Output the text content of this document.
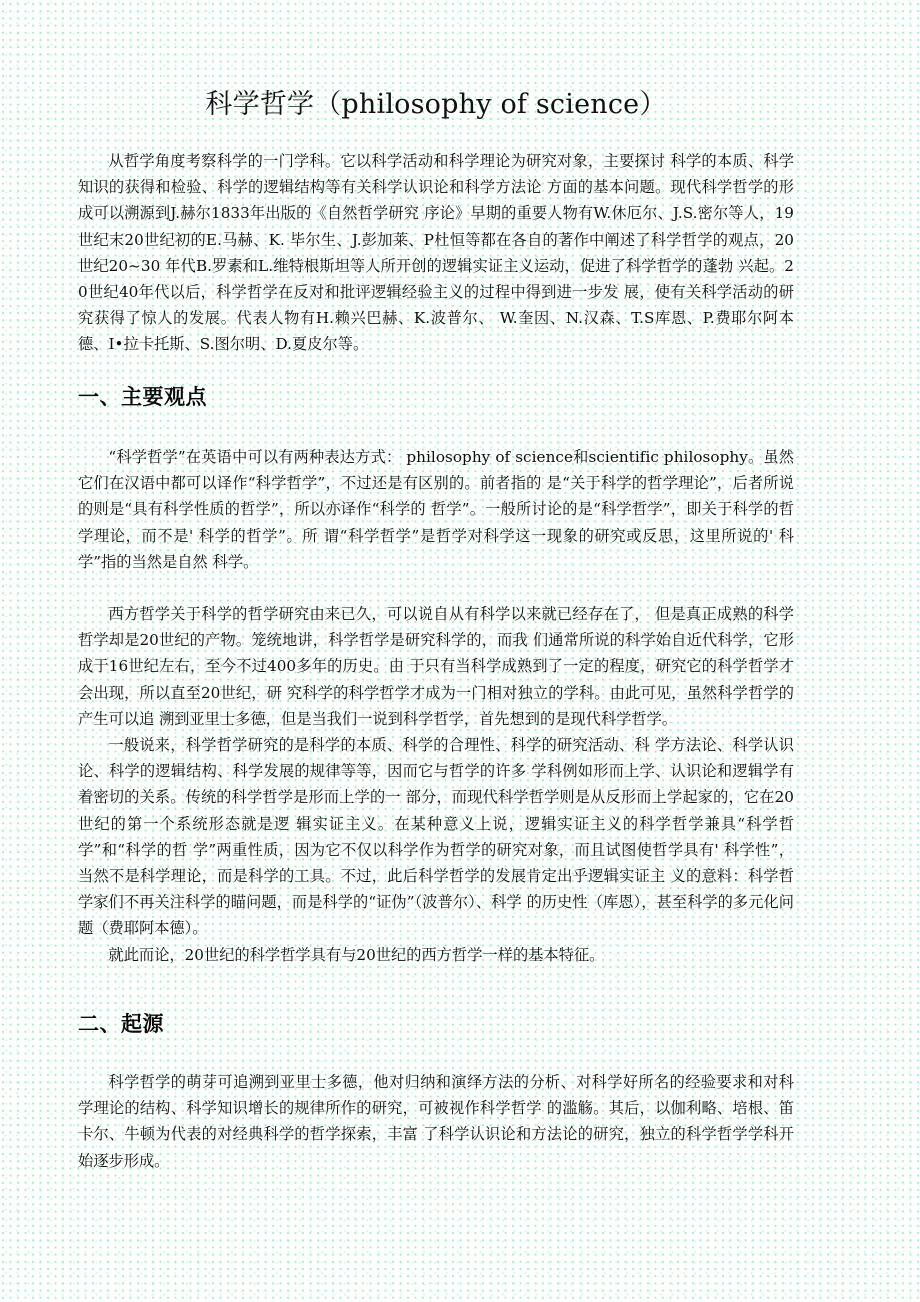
科学哲学（philosophy of science）

从哲学角度考察科学的一门学科。它以科学活动和科学理论为研究对象，主要探讨 科学的本质、科学知识的获得和检验、科学的逻辑结构等有关科学认识论和科学方法论 方面的基本问题。现代科学哲学的形成可以溯源到J.赫尔1833年出版的《自然哲学研究 序论》早期的重要人物有W.休厄尔、J.S.密尔等人，19世纪末20世纪初的E.马赫、K. 毕尔生、J.彭加莱、P杜恒等都在各自的著作中阐述了科学哲学的观点，20世纪20~30 年代B.罗素和L.维特根斯坦等人所开创的逻辑实证主义运动，促进了科学哲学的蓬勃 兴起。20世纪40年代以后，科学哲学在反对和批评逻辑经验主义的过程中得到进一步发 展，使有关科学活动的研究获得了惊人的发展。代表人物有H.赖兴巴赫、K.波普尔、 W.奎因、N.汉森、T.S库恩、P.费耶尔阿本德、I•拉卡托斯、S.图尔明、D.夏皮尔等。

一、主要观点

“科学哲学”在英语中可以有两种表达方式： philosophy of science和scientific philosophy。虽然它们在汉语中都可以译作“科学哲学”，不过还是有区别的。前者指的 是“关于科学的哲学理论”，后者所说的则是“具有科学性质的哲学”，所以亦译作“科学的 哲学”。一般所讨论的是“科学哲学”，即关于科学的哲学理论，而不是' 科学的哲学”。所 谓“科学哲学”是哲学对科学这一现象的研究或反思，这里所说的' 科学”指的当然是自然 科学。

西方哲学关于科学的哲学研究由来已久，可以说自从有科学以来就已经存在了， 但是真正成熟的科学哲学却是20世纪的产物。笼统地讲，科学哲学是研究科学的，而我 们通常所说的科学始自近代科学，它形成于16世纪左右，至今不过400多年的历史。由 于只有当科学成熟到了一定的程度，研究它的科学哲学才会出现，所以直至20世纪，研 究科学的科学哲学才成为一门相对独立的学科。由此可见，虽然科学哲学的产生可以追 溯到亚里士多德，但是当我们一说到科学哲学，首先想到的是现代科学哲学。

一般说来，科学哲学研究的是科学的本质、科学的合理性、科学的研究活动、科 学方法论、科学认识论、科学的逻辑结构、科学发展的规律等等，因而它与哲学的许多 学科例如形而上学、认识论和逻辑学有着密切的关系。传统的科学哲学是形而上学的一 部分，而现代科学哲学则是从反形而上学起家的，它在20世纪的第一个系统形态就是逻 辑实证主义。在某种意义上说，逻辑实证主义的科学哲学兼具“科学哲学”和“科学的哲 学”两重性质，因为它不仅以科学作为哲学的研究对象，而且试图使哲学具有' 科学性”， 当然不是科学理论，而是科学的工具。不过，此后科学哲学的发展肯定出乎逻辑实证主 义的意料：科学哲学家们不再关注科学的瞄问题，而是科学的“证伪”（波普尔）、科学 的历史性（库恩），甚至科学的多元化问题（费耶阿本德）。

就此而论，20世纪的科学哲学具有与20世纪的西方哲学一样的基本特征。

二、起源

科学哲学的萌芽可追溯到亚里士多德，他对归纳和演绎方法的分析、对科学好所名的经验要求和对科学理论的结构、科学知识增长的规律所作的研究，可被视作科学哲学 的滥觞。其后，以伽利略、培根、笛卡尔、牛顿为代表的对经典科学的哲学探索，丰富 了科学认识论和方法论的研究，独立的科学哲学学科开始逐步形成。
